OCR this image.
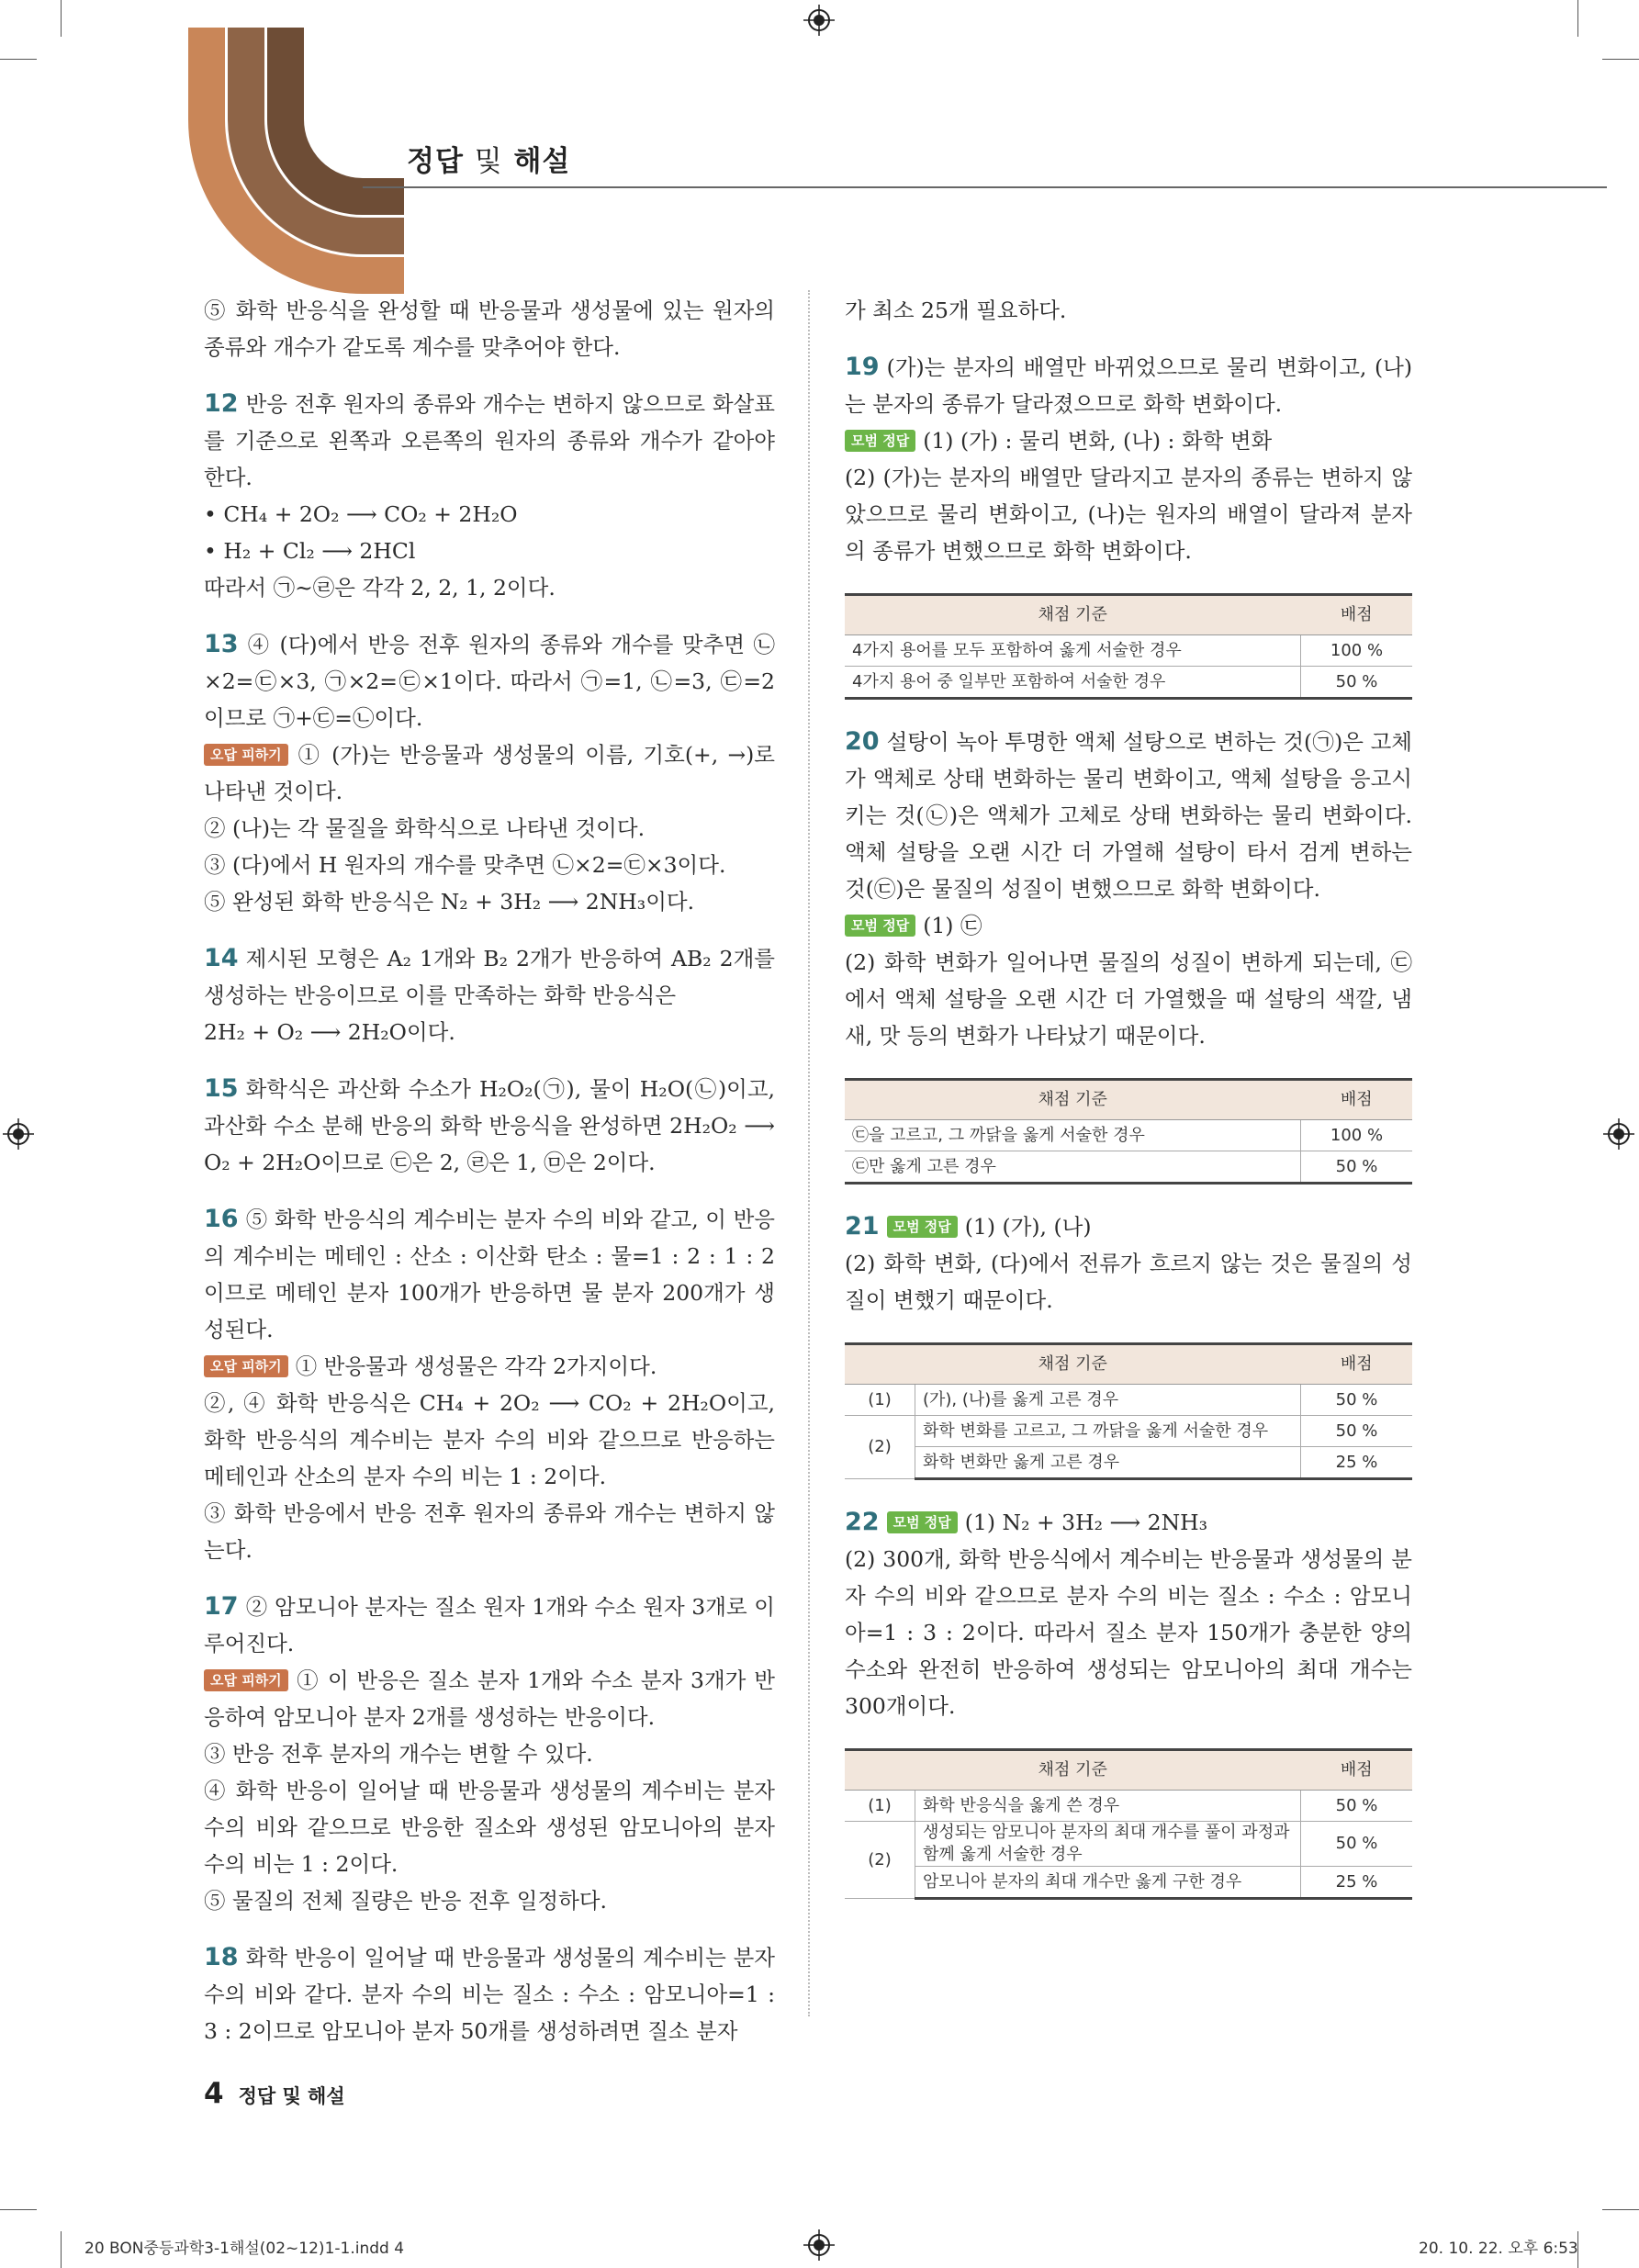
정답 및 해설

⑤ 화학 반응식을 완성할 때 반응물과 생성물에 있는 원자의 종류와 개수가 같도록 계수를 맞추어야 한다.

12 반응 전후 원자의 종류와 개수는 변하지 않으므로 화살표를 기준으로 왼쪽과 오른쪽의 원자의 종류와 개수가 같아야 한다.

• CH₄ + 2O₂ ⟶ CO₂ + 2H₂O

• H₂ + Cl₂ ⟶ 2HCl

따라서 ㉠~㉣은 각각 2, 2, 1, 2이다.

13 ④ (다)에서 반응 전후 원자의 종류와 개수를 맞추면 ㉡×2=㉢×3, ㉠×2=㉢×1이다. 따라서 ㉠=1, ㉡=3, ㉢=2이므로 ㉠+㉢=㉡이다.

오답 피하기 ① (가)는 반응물과 생성물의 이름, 기호(+, →)로 나타낸 것이다.

② (나)는 각 물질을 화학식으로 나타낸 것이다.

③ (다)에서 H 원자의 개수를 맞추면 ㉡×2=㉢×3이다.

⑤ 완성된 화학 반응식은 N₂ + 3H₂ ⟶ 2NH₃이다.

14 제시된 모형은 A₂ 1개와 B₂ 2개가 반응하여 AB₂ 2개를 생성하는 반응이므로 이를 만족하는 화학 반응식은

2H₂ + O₂ ⟶ 2H₂O이다.

15 화학식은 과산화 수소가 H₂O₂(㉠), 물이 H₂O(㉡)이고, 과산화 수소 분해 반응의 화학 반응식을 완성하면 2H₂O₂ ⟶ O₂ + 2H₂O이므로 ㉢은 2, ㉣은 1, ㉤은 2이다.

16 ⑤ 화학 반응식의 계수비는 분자 수의 비와 같고, 이 반응의 계수비는 메테인 : 산소 : 이산화 탄소 : 물=1 : 2 : 1 : 2이므로 메테인 분자 100개가 반응하면 물 분자 200개가 생성된다.

오답 피하기 ① 반응물과 생성물은 각각 2가지이다.

②, ④ 화학 반응식은 CH₄ + 2O₂ ⟶ CO₂ + 2H₂O이고, 화학 반응식의 계수비는 분자 수의 비와 같으므로 반응하는 메테인과 산소의 분자 수의 비는 1 : 2이다.

③ 화학 반응에서 반응 전후 원자의 종류와 개수는 변하지 않는다.

17 ② 암모니아 분자는 질소 원자 1개와 수소 원자 3개로 이루어진다.

오답 피하기 ① 이 반응은 질소 분자 1개와 수소 분자 3개가 반응하여 암모니아 분자 2개를 생성하는 반응이다.

③ 반응 전후 분자의 개수는 변할 수 있다.

④ 화학 반응이 일어날 때 반응물과 생성물의 계수비는 분자 수의 비와 같으므로 반응한 질소와 생성된 암모니아의 분자 수의 비는 1 : 2이다.

⑤ 물질의 전체 질량은 반응 전후 일정하다.

18 화학 반응이 일어날 때 반응물과 생성물의 계수비는 분자 수의 비와 같다. 분자 수의 비는 질소 : 수소 : 암모니아=1 : 3 : 2이므로 암모니아 분자 50개를 생성하려면 질소 분자

가 최소 25개 필요하다.

19 (가)는 분자의 배열만 바뀌었으므로 물리 변화이고, (나)는 분자의 종류가 달라졌으므로 화학 변화이다.

모범 정답 (1) (가) : 물리 변화, (나) : 화학 변화

(2) (가)는 분자의 배열만 달라지고 분자의 종류는 변하지 않았으므로 물리 변화이고, (나)는 원자의 배열이 달라져 분자의 종류가 변했으므로 화학 변화이다.

채점 기준	배점
4가지 용어를 모두 포함하여 옳게 서술한 경우	100 %
4가지 용어 중 일부만 포함하여 서술한 경우	50 %

20 설탕이 녹아 투명한 액체 설탕으로 변하는 것(㉠)은 고체가 액체로 상태 변화하는 물리 변화이고, 액체 설탕을 응고시키는 것(㉡)은 액체가 고체로 상태 변화하는 물리 변화이다. 액체 설탕을 오랜 시간 더 가열해 설탕이 타서 검게 변하는 것(㉢)은 물질의 성질이 변했으므로 화학 변화이다.

모범 정답 (1) ㉢

(2) 화학 변화가 일어나면 물질의 성질이 변하게 되는데, ㉢에서 액체 설탕을 오랜 시간 더 가열했을 때 설탕의 색깔, 냄새, 맛 등의 변화가 나타났기 때문이다.

채점 기준	배점
㉢을 고르고, 그 까닭을 옳게 서술한 경우	100 %
㉢만 옳게 고른 경우	50 %

21 모범 정답 (1) (가), (나)

(2) 화학 변화, (다)에서 전류가 흐르지 않는 것은 물질의 성질이 변했기 때문이다.

채점 기준		배점
(1)	(가), (나)를 옳게 고른 경우	50 %
(2)	화학 변화를 고르고, 그 까닭을 옳게 서술한 경우	50 %
	화학 변화만 옳게 고른 경우	25 %

22 모범 정답 (1) N₂ + 3H₂ ⟶ 2NH₃

(2) 300개, 화학 반응식에서 계수비는 반응물과 생성물의 분자 수의 비와 같으므로 분자 수의 비는 질소 : 수소 : 암모니아=1 : 3 : 2이다. 따라서 질소 분자 150개가 충분한 양의 수소와 완전히 반응하여 생성되는 암모니아의 최대 개수는 300개이다.

채점 기준		배점
(1)	화학 반응식을 옳게 쓴 경우	50 %
(2)	생성되는 암모니아 분자의 최대 개수를 풀이 과정과 함께 옳게 서술한 경우	50 %
	암모니아 분자의 최대 개수만 옳게 구한 경우	25 %
4 정답 및 해설
20 BON중등과학3-1해설(02~12)1-1.indd 4	20. 10. 22. 오후 6:53
